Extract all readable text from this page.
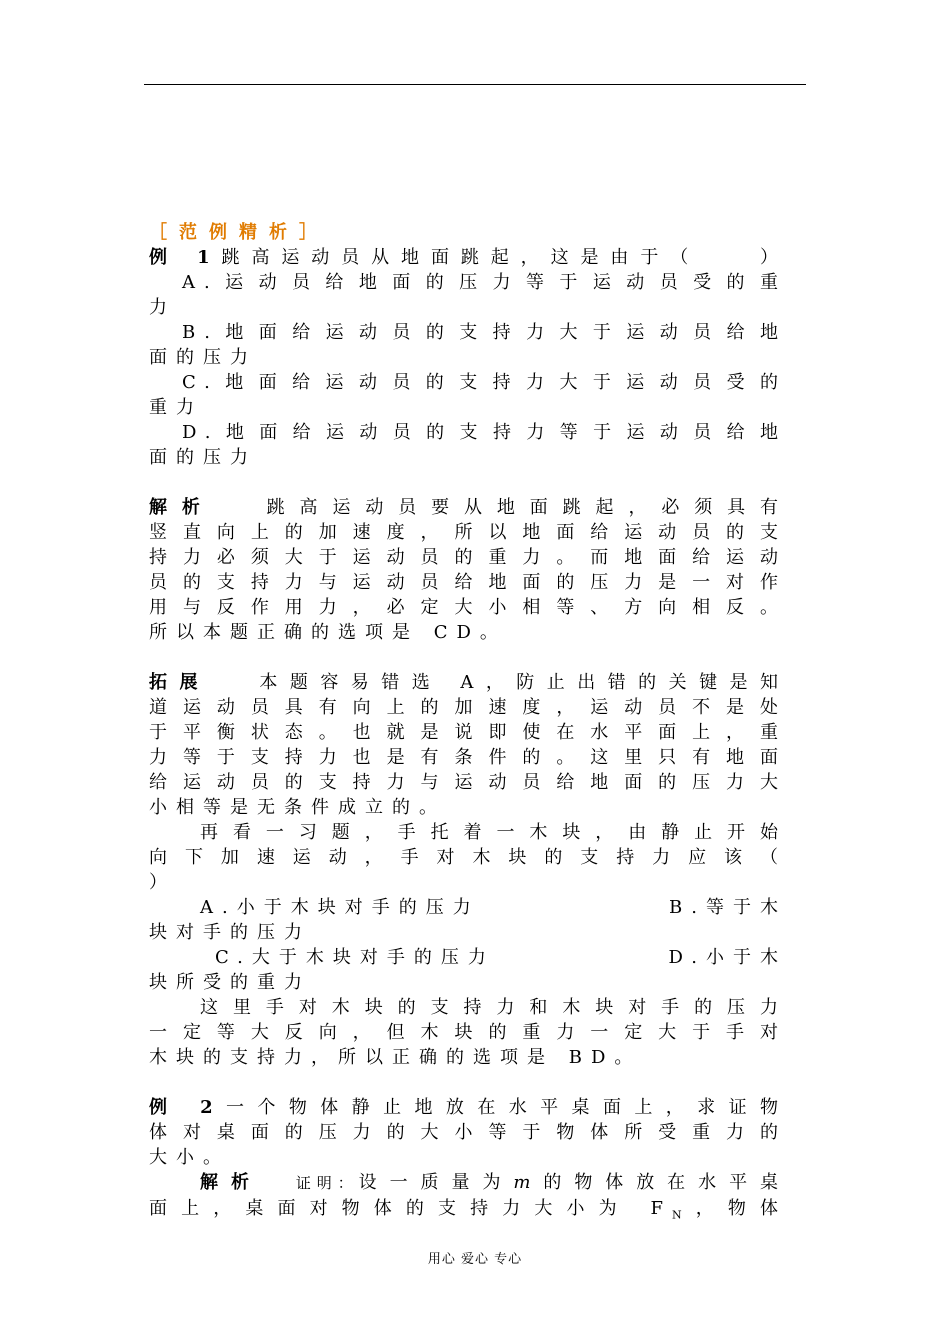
［范例精析］
例 1跳高运动员从地面跳起，这是由于（　　）
A.运动员给地面的压力等于运动员受的重
力
B.地面给运动员的支持力大于运动员给地
面的压力
C.地面给运动员的支持力大于运动员受的
重力
D.地面给运动员的支持力等于运动员给地
面的压力
解析	跳高运动员要从地面跳起，必须具有
竖直向上的加速度，所以地面给运动员的支
持力必须大于运动员的重力。而地面给运动
员的支持力与运动员给地面的压力是一对作
用与反作用力，必定大小相等、方向相反。
所以本题正确的选项是 CD。
拓展	本题容易错选 A，防止出错的关键是知
道运动员具有向上的加速度，运动员不是处
于平衡状态。也就是说即使在水平面上，重
力等于支持力也是有条件的。这里只有地面
给运动员的支持力与运动员给地面的压力大
小相等是无条件成立的。
再看一习题，手托着一木块，由静止开始
向下加速运动，手对木块的支持力应该（
）
A.小于木块对手的压力	B.等于木
块对手的压力
C.大于木块对手的压力	D.小于木
块所受的重力
这里手对木块的支持力和木块对手的压力
一定等大反向，但木块的重力一定大于手对
木块的支持力，所以正确的选项是 BD。
例 2一个物体静止地放在水平桌面上，求证物
体对桌面的压力的大小等于物体所受重力的
大小。
解析 证明：设一质量为m的物体放在水平桌
面上，桌面对物体的支持力大小为 $F_N$，物体
用心 爱心 专心
